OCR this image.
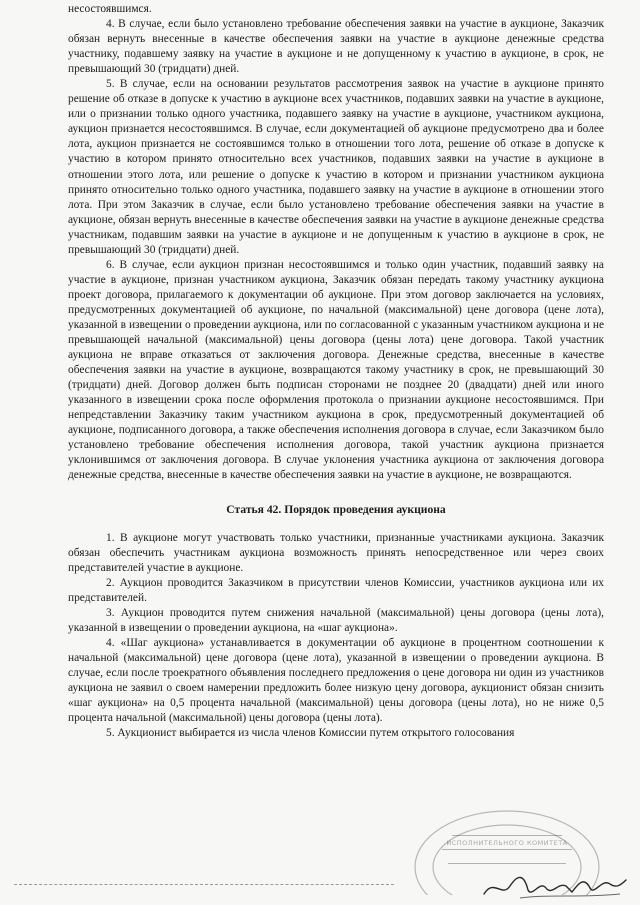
несостоявшимся.

4. В случае, если было установлено требование обеспечения заявки на участие в аукционе, Заказчик обязан вернуть внесенные в качестве обеспечения заявки на участие в аукционе денежные средства участнику, подавшему заявку на участие в аукционе и не допущенному к участию в аукционе, в срок, не превышающий 30 (тридцати) дней.

5. В случае, если на основании результатов рассмотрения заявок на участие в аукционе принято решение об отказе в допуске к участию в аукционе всех участников, подавших заявки на участие в аукционе, или о признании только одного участника, подавшего заявку на участие в аукционе, участником аукциона, аукцион признается несостоявшимся. В случае, если документацией об аукционе предусмотрено два и более лота, аукцион признается не состоявшимся только в отношении того лота, решение об отказе в допуске к участию в котором принято относительно всех участников, подавших заявки на участие в аукционе в отношении этого лота, или решение о допуске к участию в котором и признании участником аукциона принято относительно только одного участника, подавшего заявку на участие в аукционе в отношении этого лота. При этом Заказчик в случае, если было установлено требование обеспечения заявки на участие в аукционе, обязан вернуть внесенные в качестве обеспечения заявки на участие в аукционе денежные средства участникам, подавшим заявки на участие в аукционе и не допущенным к участию в аукционе в срок, не превышающий 30 (тридцати) дней.

6. В случае, если аукцион признан несостоявшимся и только один участник, подавший заявку на участие в аукционе, признан участником аукциона, Заказчик обязан передать такому участнику аукциона проект договора, прилагаемого к документации об аукционе. При этом договор заключается на условиях, предусмотренных документацией об аукционе, по начальной (максимальной) цене договора (цене лота), указанной в извещении о проведении аукциона, или по согласованной с указанным участником аукциона и не превышающей начальной (максимальной) цены договора (цены лота) цене договора. Такой участник аукциона не вправе отказаться от заключения договора. Денежные средства, внесенные в качестве обеспечения заявки на участие в аукционе, возвращаются такому участнику в срок, не превышающий 30 (тридцати) дней. Договор должен быть подписан сторонами не позднее 20 (двадцати) дней или иного указанного в извещении срока после оформления протокола о признании аукционе несостоявшимся. При непредставлении Заказчику таким участником аукциона в срок, предусмотренный документацией об аукционе, подписанного договора, а также обеспечения исполнения договора в случае, если Заказчиком было установлено требование обеспечения исполнения договора, такой участник аукциона признается уклонившимся от заключения договора. В случае уклонения участника аукциона от заключения договора денежные средства, внесенные в качестве обеспечения заявки на участие в аукционе, не возвращаются.

Статья 42. Порядок проведения аукциона

1. В аукционе могут участвовать только участники, признанные участниками аукциона. Заказчик обязан обеспечить участникам аукциона возможность принять непосредственное или через своих представителей участие в аукционе.

2. Аукцион проводится Заказчиком в присутствии членов Комиссии, участников аукциона или их представителей.

3. Аукцион проводится путем снижения начальной (максимальной) цены договора (цены лота), указанной в извещении о проведении аукциона, на «шаг аукциона».

4. «Шаг аукциона» устанавливается в документации об аукционе в процентном соотношении к начальной (максимальной) цене договора (цене лота), указанной в извещении о проведении аукциона. В случае, если после троекратного объявления последнего предложения о цене договора ни один из участников аукциона не заявил о своем намерении предложить более низкую цену договора, аукционист обязан снизить «шаг аукциона» на 0,5 процента начальной (максимальной) цены договора (цены лота), но не ниже 0,5 процента начальной (максимальной) цены договора (цены лота).

5. Аукционист выбирается из числа членов Комиссии путем открытого голосования

ИСПОЛНИТЕЛЬНОГО КОМИТЕТА
